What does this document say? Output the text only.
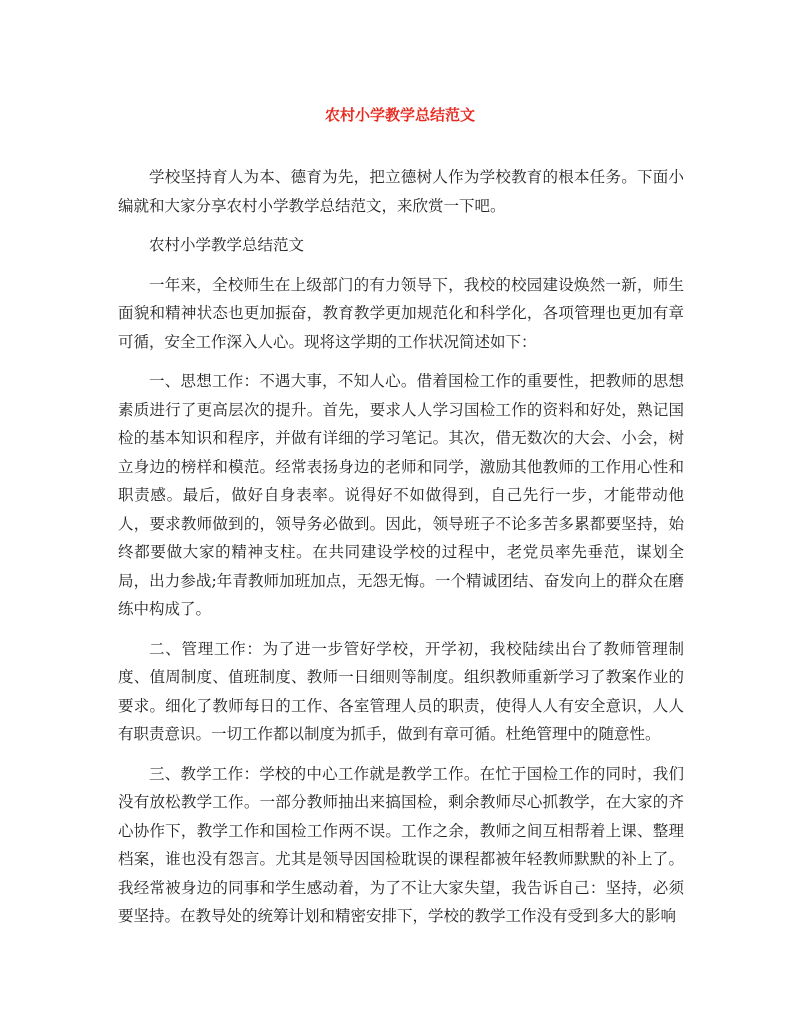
农村小学教学总结范文

学校坚持育人为本、德育为先，把立德树人作为学校教育的根本任务。下面小编就和大家分享农村小学教学总结范文，来欣赏一下吧。

农村小学教学总结范文

一年来，全校师生在上级部门的有力领导下，我校的校园建设焕然一新，师生面貌和精神状态也更加振奋，教育教学更加规范化和科学化，各项管理也更加有章可循，安全工作深入人心。现将这学期的工作状况简述如下：

一、思想工作：不遇大事，不知人心。借着国检工作的重要性，把教师的思想素质进行了更高层次的提升。首先，要求人人学习国检工作的资料和好处，熟记国检的基本知识和程序，并做有详细的学习笔记。其次，借无数次的大会、小会，树立身边的榜样和模范。经常表扬身边的老师和同学，激励其他教师的工作用心性和职责感。最后，做好自身表率。说得好不如做得到，自己先行一步，才能带动他人，要求教师做到的，领导务必做到。因此，领导班子不论多苦多累都要坚持，始终都要做大家的精神支柱。在共同建设学校的过程中，老党员率先垂范，谋划全局，出力参战;年青教师加班加点，无怨无悔。一个精诚团结、奋发向上的群众在磨练中构成了。

二、管理工作：为了进一步管好学校，开学初，我校陆续出台了教师管理制度、值周制度、值班制度、教师一日细则等制度。组织教师重新学习了教案作业的要求。细化了教师每日的工作、各室管理人员的职责，使得人人有安全意识，人人有职责意识。一切工作都以制度为抓手，做到有章可循。杜绝管理中的随意性。

三、教学工作：学校的中心工作就是教学工作。在忙于国检工作的同时，我们没有放松教学工作。一部分教师抽出来搞国检，剩余教师尽心抓教学，在大家的齐心协作下，教学工作和国检工作两不误。工作之余，教师之间互相帮着上课、整理档案，谁也没有怨言。尤其是领导因国检耽误的课程都被年轻教师默默的补上了。我经常被身边的同事和学生感动着，为了不让大家失望，我告诉自己：坚持，必须要坚持。在教导处的统筹计划和精密安排下，学校的教学工作没有受到多大的影响
